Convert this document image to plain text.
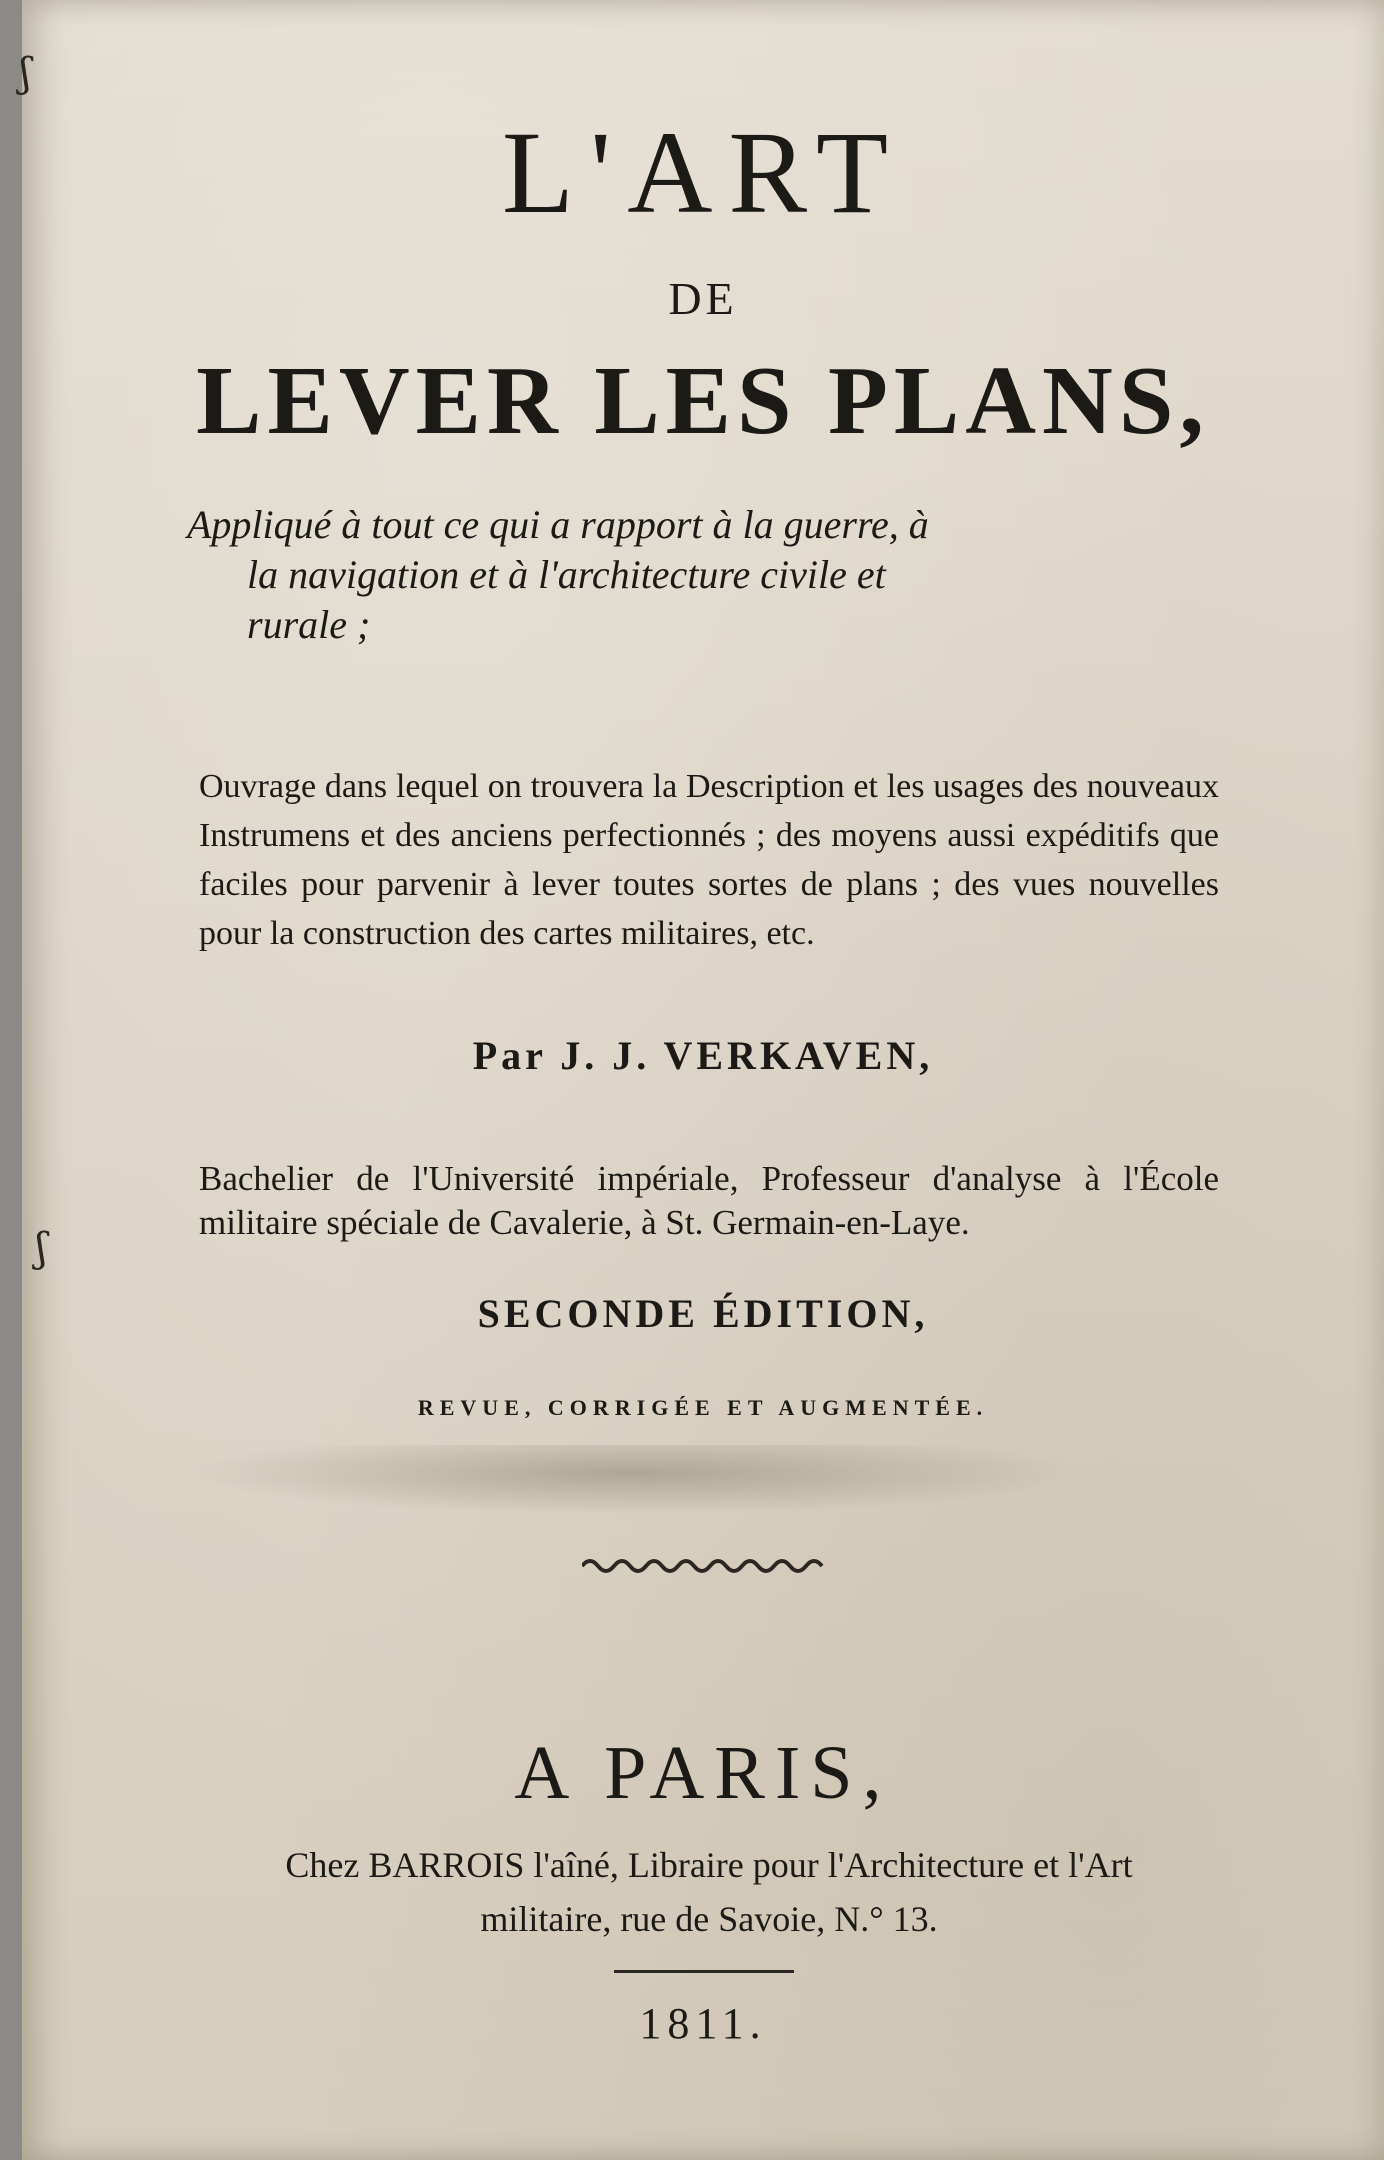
ʃ
ʃ
L'ART
DE
LEVER LES PLANS,
Appliqué à tout ce qui a rapport à la guerre, à
la navigation et à l'architecture civile et
rurale ;

Ouvrage dans lequel on trouvera la Description et les usages des nouveaux Instrumens et des anciens perfectionnés ; des moyens aussi expéditifs que faciles pour parvenir à lever toutes sortes de plans ; des vues nouvelles pour la construction des cartes militaires, etc.

Par J. J. VERKAVEN,

Bachelier de l'Université impériale, Professeur d'analyse à l'École militaire spéciale de Cavalerie, à St. Germain-en-Laye.

SECONDE ÉDITION,
REVUE, CORRIGÉE ET AUGMENTÉE.
A PARIS,
Chez BARROIS l'aîné, Libraire pour l'Architecture et l'Art
militaire, rue de Savoie, N.° 13.
1811.
